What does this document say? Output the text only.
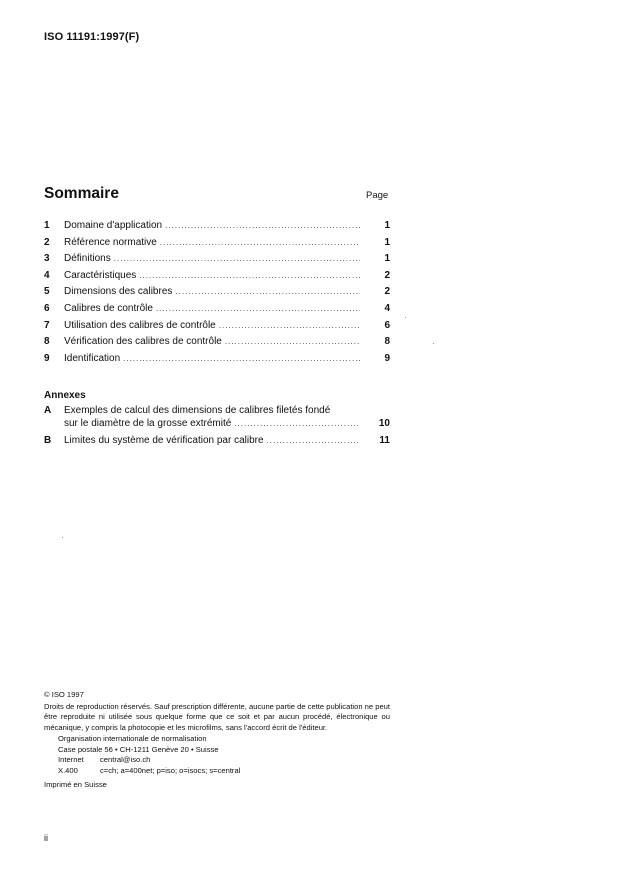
ISO 11191:1997(F)
Sommaire	Page
1	Domaine d'application .....	1
2	Référence normative .....	1
3	Définitions .....	1
4	Caractéristiques .....	2
5	Dimensions des calibres .....	2
6	Calibres de contrôle .....	4
7	Utilisation des calibres de contrôle .....	6
8	Vérification des calibres de contrôle .....	8
9	Identification .....	9
Annexes
A	Exemples de calcul des dimensions de calibres filetés fondé
sur le diamètre de la grosse extrémité .....	10
B	Limites du système de vérification par calibre .....	11
© ISO 1997
Droits de reproduction réservés. Sauf prescription différente, aucune partie de cette publication ne peut être reproduite ni utilisée sous quelque forme que ce soit et par aucun procédé, électronique ou mécanique, y compris la photocopie et les microfilms, sans l'accord écrit de l'éditeur.
Organisation internationale de normalisation
Case postale 56 • CH-1211 Genève 20 • Suisse
Internet	central@iso.ch
X.400	c=ch; a=400net; p=iso; o=isocs; s=central
Imprimé en Suisse
ii
